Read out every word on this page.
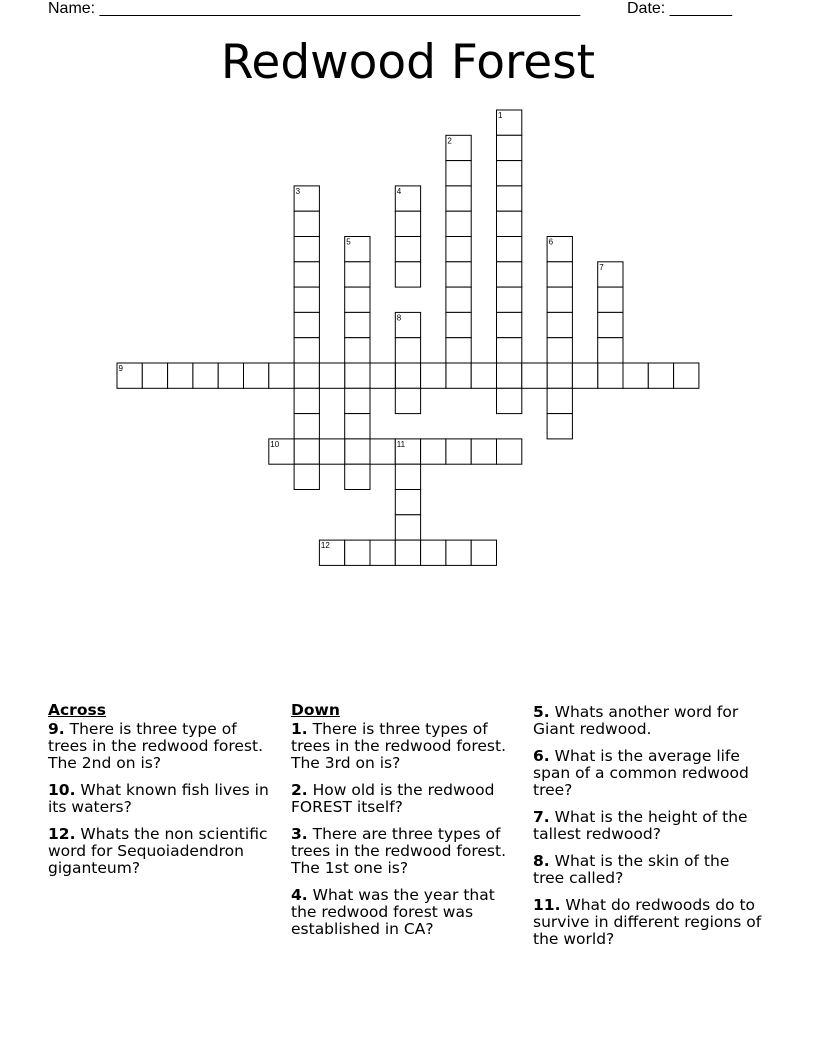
Name: ______________________________________________________	Date: _______
Redwood Forest
1
2
3	4
5	6
7
8
9
10	11
12
Across
9. There is three type of trees in the redwood forest. The 2nd on is?
10. What known fish lives in its waters?
12. Whats the non scientific word for Sequoiadendron giganteum?
Down
1. There is three types of trees in the redwood forest. The 3rd on is?
2. How old is the redwood FOREST itself?
3. There are three types of trees in the redwood forest. The 1st one is?
4. What was the year that the redwood forest was established in CA?
5. Whats another word for Giant redwood.
6. What is the average life span of a common redwood tree?
7. What is the height of the tallest redwood?
8. What is the skin of the tree called?
11. What do redwoods do to survive in different regions of the world?
